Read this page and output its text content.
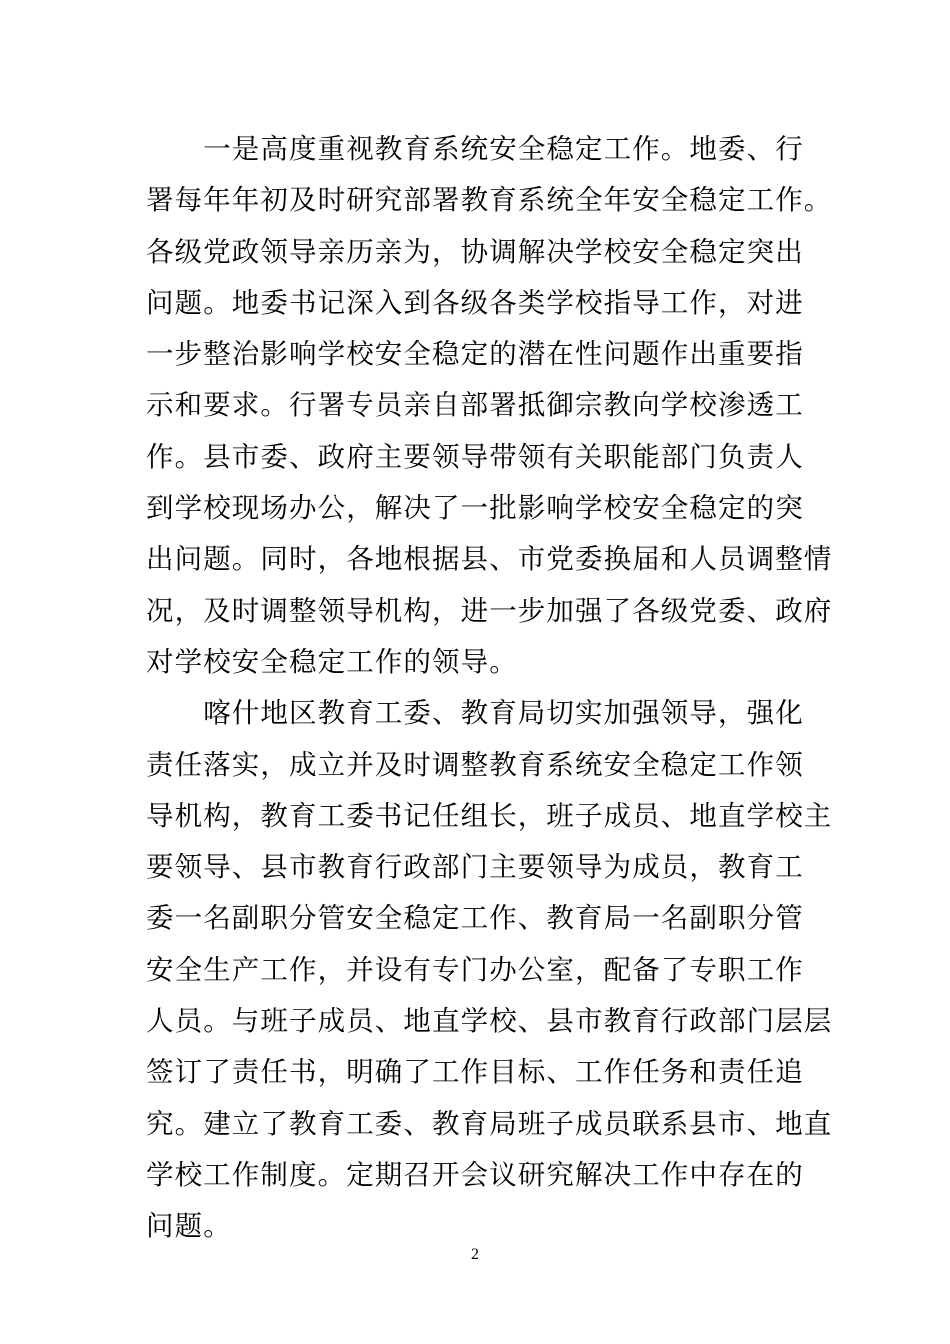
　　一是高度重视教育系统安全稳定工作。地委、行
署每年年初及时研究部署教育系统全年安全稳定工作。
各级党政领导亲历亲为，协调解决学校安全稳定突出
问题。地委书记深入到各级各类学校指导工作，对进
一步整治影响学校安全稳定的潜在性问题作出重要指
示和要求。行署专员亲自部署抵御宗教向学校渗透工
作。县市委、政府主要领导带领有关职能部门负责人
到学校现场办公，解决了一批影响学校安全稳定的突
出问题。同时，各地根据县、市党委换届和人员调整情
况，及时调整领导机构，进一步加强了各级党委、政府
对学校安全稳定工作的领导。
　　喀什地区教育工委、教育局切实加强领导，强化
责任落实，成立并及时调整教育系统安全稳定工作领
导机构，教育工委书记任组长，班子成员、地直学校主
要领导、县市教育行政部门主要领导为成员，教育工
委一名副职分管安全稳定工作、教育局一名副职分管
安全生产工作，并设有专门办公室，配备了专职工作
人员。与班子成员、地直学校、县市教育行政部门层层
签订了责任书，明确了工作目标、工作任务和责任追
究。建立了教育工委、教育局班子成员联系县市、地直
学校工作制度。定期召开会议研究解决工作中存在的
问题。
2
